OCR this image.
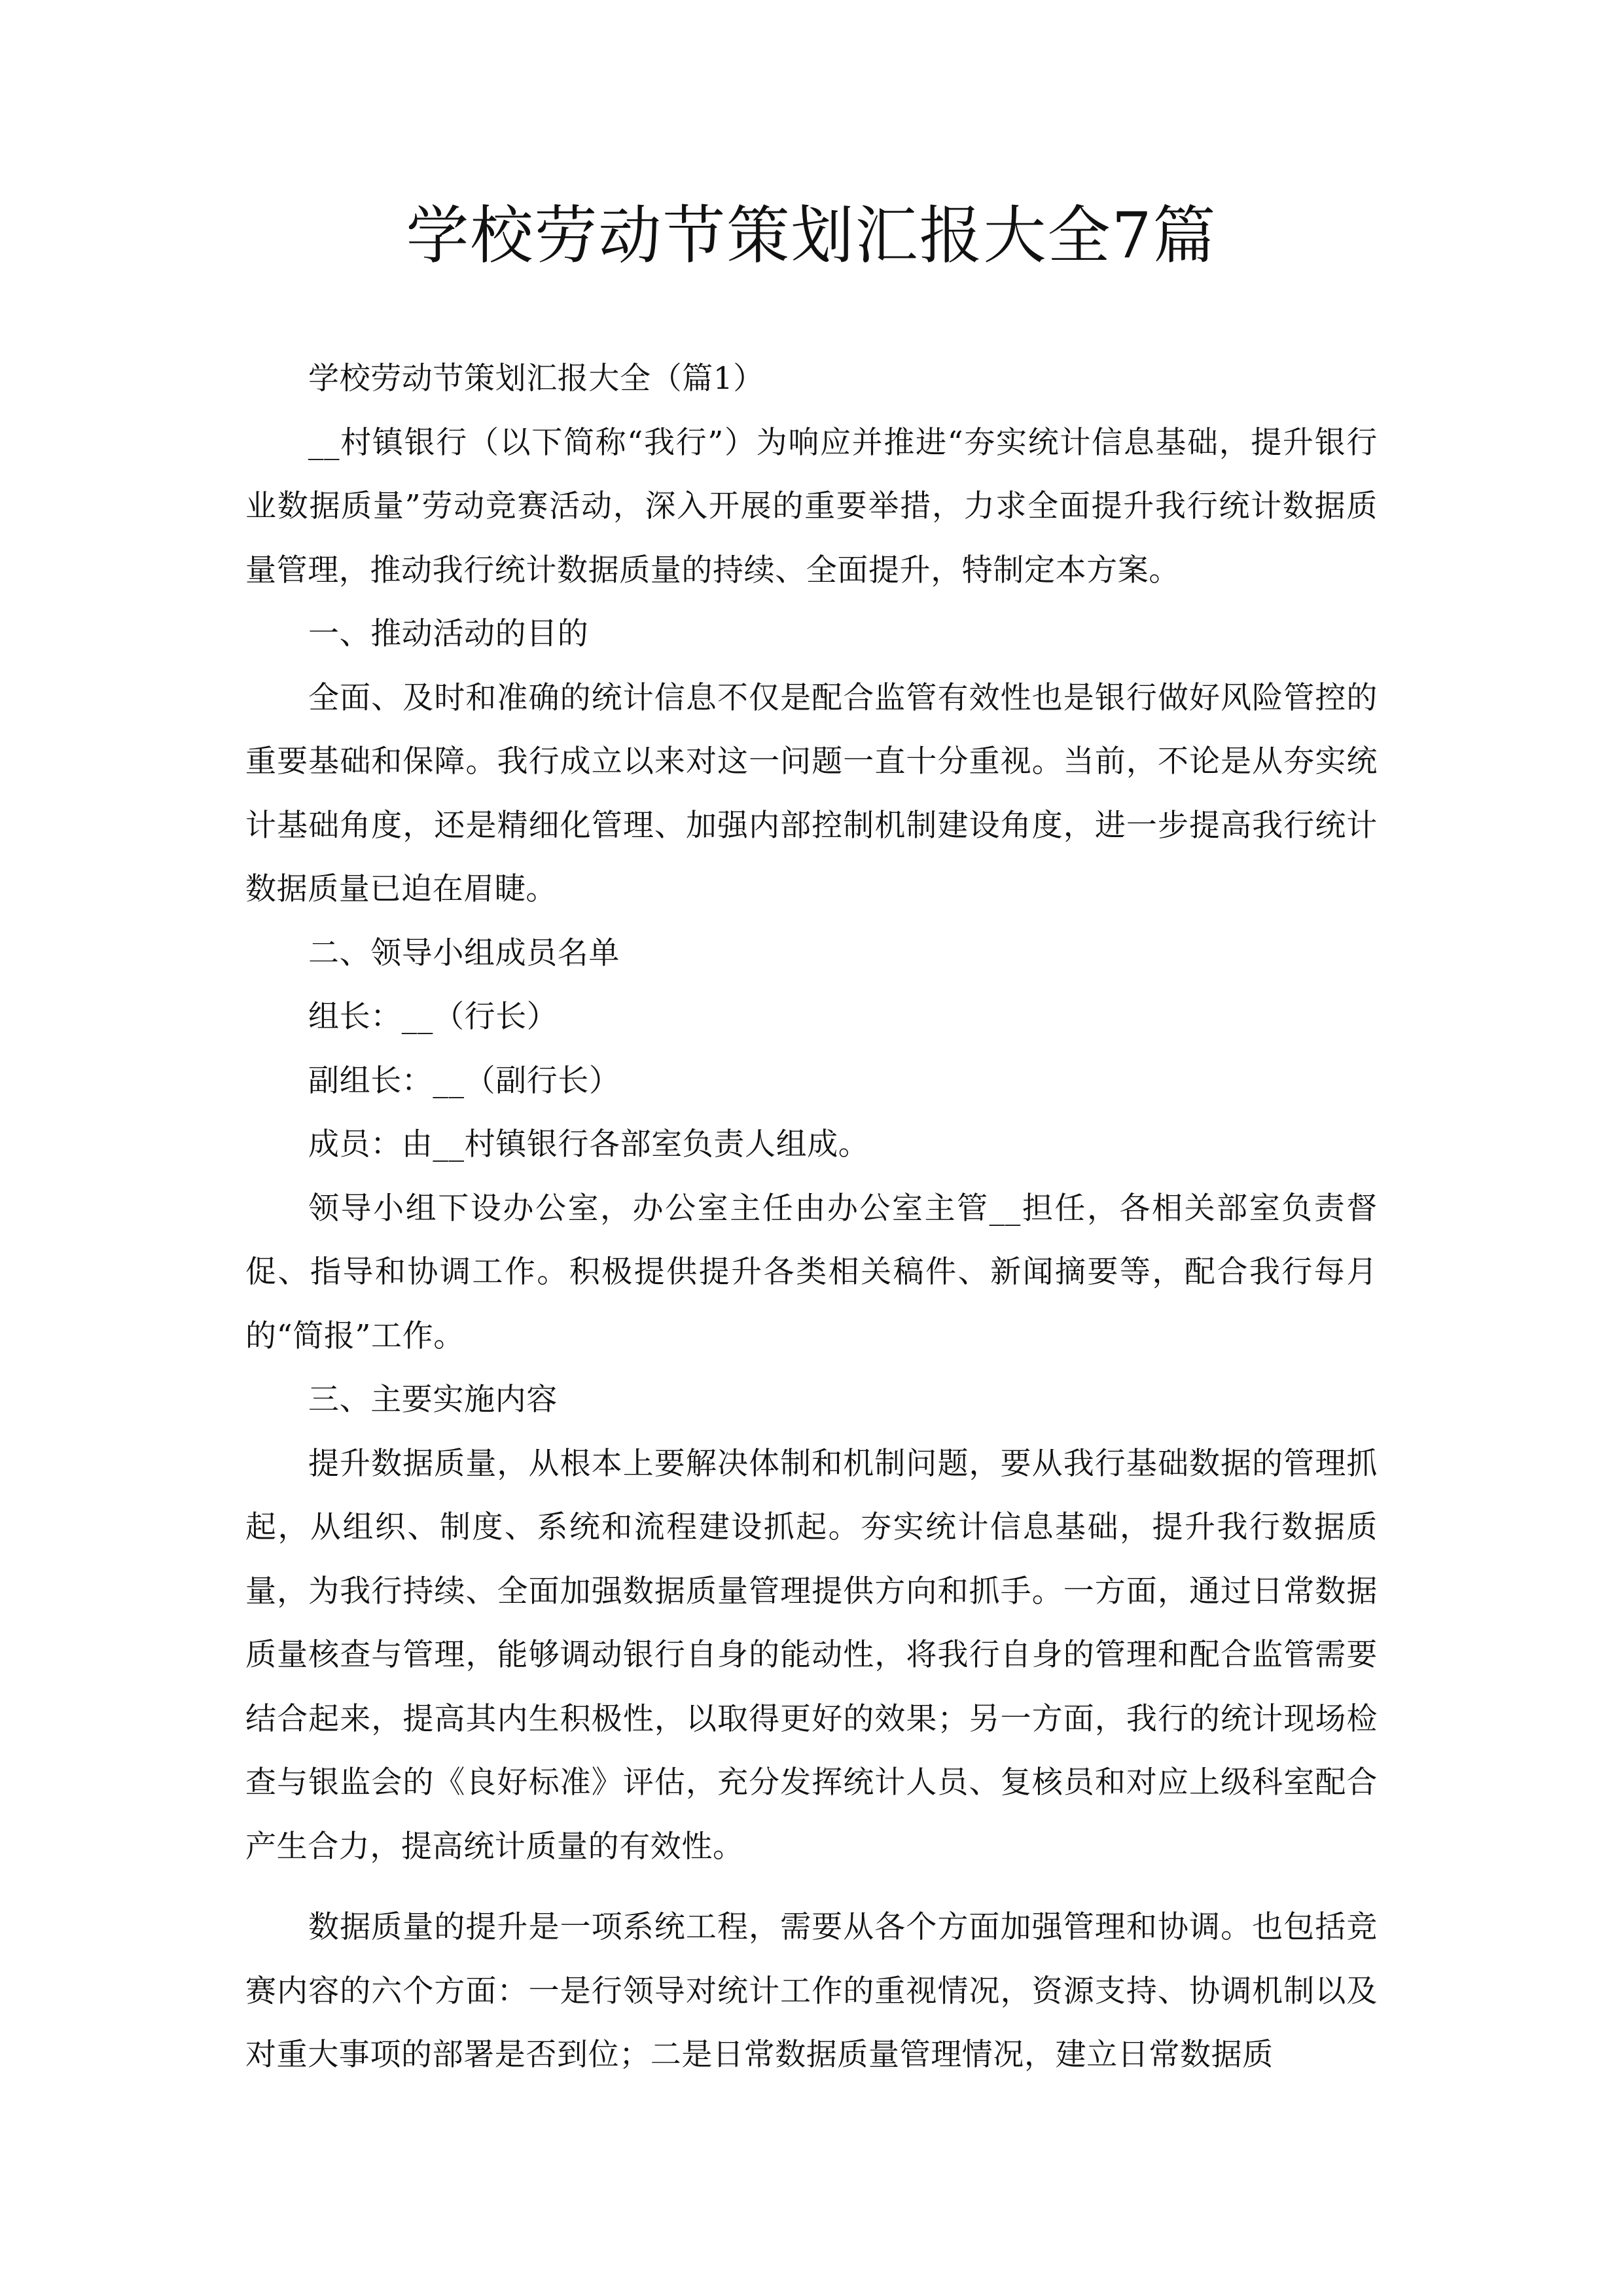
学校劳动节策划汇报大全7篇

学校劳动节策划汇报大全（篇1）

__村镇银行（以下简称“我行”）为响应并推进“夯实统计信息基础，提升银行业数据质量”劳动竞赛活动，深入开展的重要举措，力求全面提升我行统计数据质量管理，推动我行统计数据质量的持续、全面提升，特制定本方案。

一、推动活动的目的

全面、及时和准确的统计信息不仅是配合监管有效性也是银行做好风险管控的重要基础和保障。我行成立以来对这一问题一直十分重视。当前，不论是从夯实统计基础角度，还是精细化管理、加强内部控制机制建设角度，进一步提高我行统计数据质量已迫在眉睫。

二、领导小组成员名单

组长：__（行长）

副组长：__（副行长）

成员：由__村镇银行各部室负责人组成。

领导小组下设办公室，办公室主任由办公室主管__担任，各相关部室负责督促、指导和协调工作。积极提供提升各类相关稿件、新闻摘要等，配合我行每月的“简报”工作。

三、主要实施内容

提升数据质量，从根本上要解决体制和机制问题，要从我行基础数据的管理抓起，从组织、制度、系统和流程建设抓起。夯实统计信息基础，提升我行数据质量，为我行持续、全面加强数据质量管理提供方向和抓手。一方面，通过日常数据质量核查与管理，能够调动银行自身的能动性，将我行自身的管理和配合监管需要结合起来，提高其内生积极性，以取得更好的效果；另一方面，我行的统计现场检查与银监会的《良好标准》评估，充分发挥统计人员、复核员和对应上级科室配合产生合力，提高统计质量的有效性。

数据质量的提升是一项系统工程，需要从各个方面加强管理和协调。也包括竞赛内容的六个方面：一是行领导对统计工作的重视情况，资源支持、协调机制以及对重大事项的部署是否到位；二是日常数据质量管理情况，建立日常数据质
